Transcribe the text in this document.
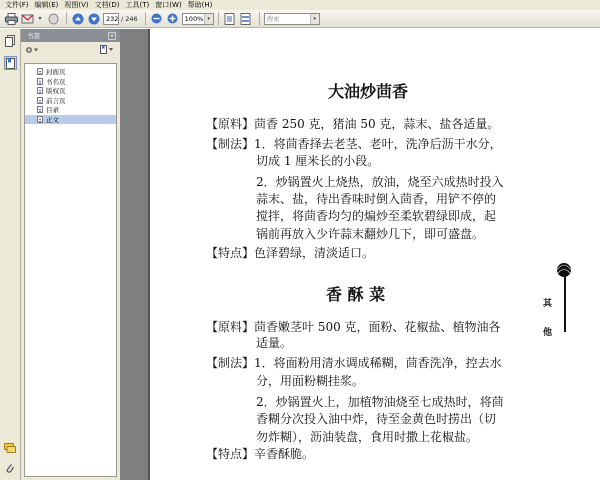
文件(F) 编辑(E) 视图(V) 文档(D) 工具(T) 窗口(W) 帮助(H)
▾	232 / 246	100% ▾	搜索	▾
书签	x
封面页
书名页
版权页
前言页
目录
正文
大油炒茴香
【原料】茴香 250 克，猪油 50 克，蒜末、盐各适量。
【制法】1．将茴香择去老茎、老叶，洗净后沥干水分，
切成 1 厘米长的小段。
2．炒锅置火上烧热，放油，烧至六成热时投入
蒜末、盐，待出香味时倒入茴香，用铲不停的
搅拌，将茴香均匀的煸炒至柔软碧绿即成，起
锅前再放入少许蒜末翻炒几下，即可盛盘。
【特点】色泽碧绿，清淡适口。
香 酥 菜
【原料】茴香嫩茎叶 500 克，面粉、花椒盐、植物油各
适量。
【制法】1．将面粉用清水调成稀糊，茴香洗净，控去水
分，用面粉糊挂浆。
2．炒锅置火上，加植物油烧至七成热时，将茴
香糊分次投入油中炸，待至金黄色时捞出（切
勿炸糊），沥油装盘，食用时撒上花椒盐。
【特点】辛香酥脆。
其
他
